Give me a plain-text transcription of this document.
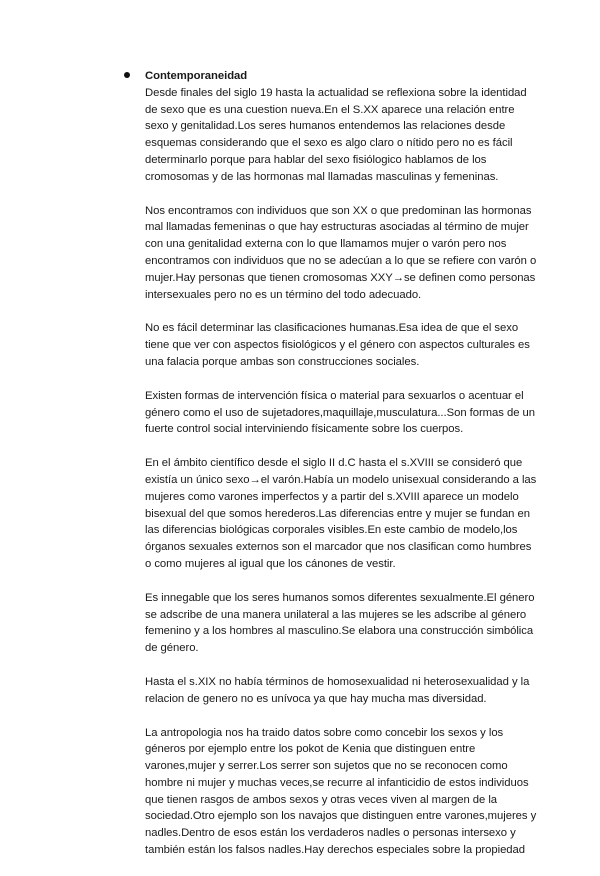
Contemporaneidad

Desde finales del siglo 19 hasta la actualidad se reflexiona sobre la identidad de sexo que es una cuestion nueva.En el S.XX aparece una relación entre sexo y genitalidad.Los seres humanos entendemos las relaciones desde esquemas considerando que el sexo es algo claro o nítido pero no es fácil determinarlo porque para hablar del sexo fisiólogico hablamos de los cromosomas y de las hormonas mal llamadas masculinas y femeninas.

Nos encontramos con individuos que son XX o que predominan las hormonas mal llamadas femeninas o que hay estructuras asociadas al término de mujer con una genitalidad externa con lo que llamamos mujer o varón pero nos encontramos con individuos que no se adecúan a lo que se refiere con varón o mujer.Hay personas que tienen cromosomas XXY→se definen como personas intersexuales pero no es un término del todo adecuado.

No es fácil determinar las clasificaciones humanas.Esa idea de que el sexo tiene que ver con aspectos fisiológicos y el género con aspectos culturales es una falacia porque ambas son construcciones sociales.

Existen formas de intervención física o material para sexuarlos o acentuar el género como el uso de sujetadores,maquillaje,musculatura...Son formas de un fuerte control social interviniendo físicamente sobre los cuerpos.

En el ámbito científico desde el siglo II d.C hasta el s.XVIII se consideró que existía un único sexo→el varón.Había un modelo unisexual considerando a las mujeres como varones imperfectos y a partir del s.XVIII aparece un modelo bisexual del que somos herederos.Las diferencias entre y mujer se fundan en las diferencias biológicas corporales visibles.En este cambio de modelo,los órganos sexuales externos son el marcador que nos clasifican como humbres o como mujeres al igual que los cánones de vestir.

Es innegable que los seres humanos somos diferentes sexualmente.El género se adscribe de una manera unilateral a las mujeres se les adscribe al género femenino y a los hombres al masculino.Se elabora una construcción simbólica de género.

Hasta el s.XIX no había términos de homosexualidad ni heterosexualidad y la relacion de genero no es unívoca ya que hay mucha mas diversidad.

La antropologia nos ha traido datos sobre como concebir los sexos y los géneros por ejemplo entre los pokot de Kenia que distinguen entre varones,mujer y serrer.Los serrer son sujetos que no se reconocen como hombre ni mujer y muchas veces,se recurre al infanticidio de estos individuos que tienen rasgos de ambos sexos y otras veces viven al margen de la sociedad.Otro ejemplo son los navajos que distinguen entre varones,mujeres y nadles.Dentro de esos están los verdaderos nadles o personas intersexo y también están los falsos nadles.Hay derechos especiales sobre la propiedad
